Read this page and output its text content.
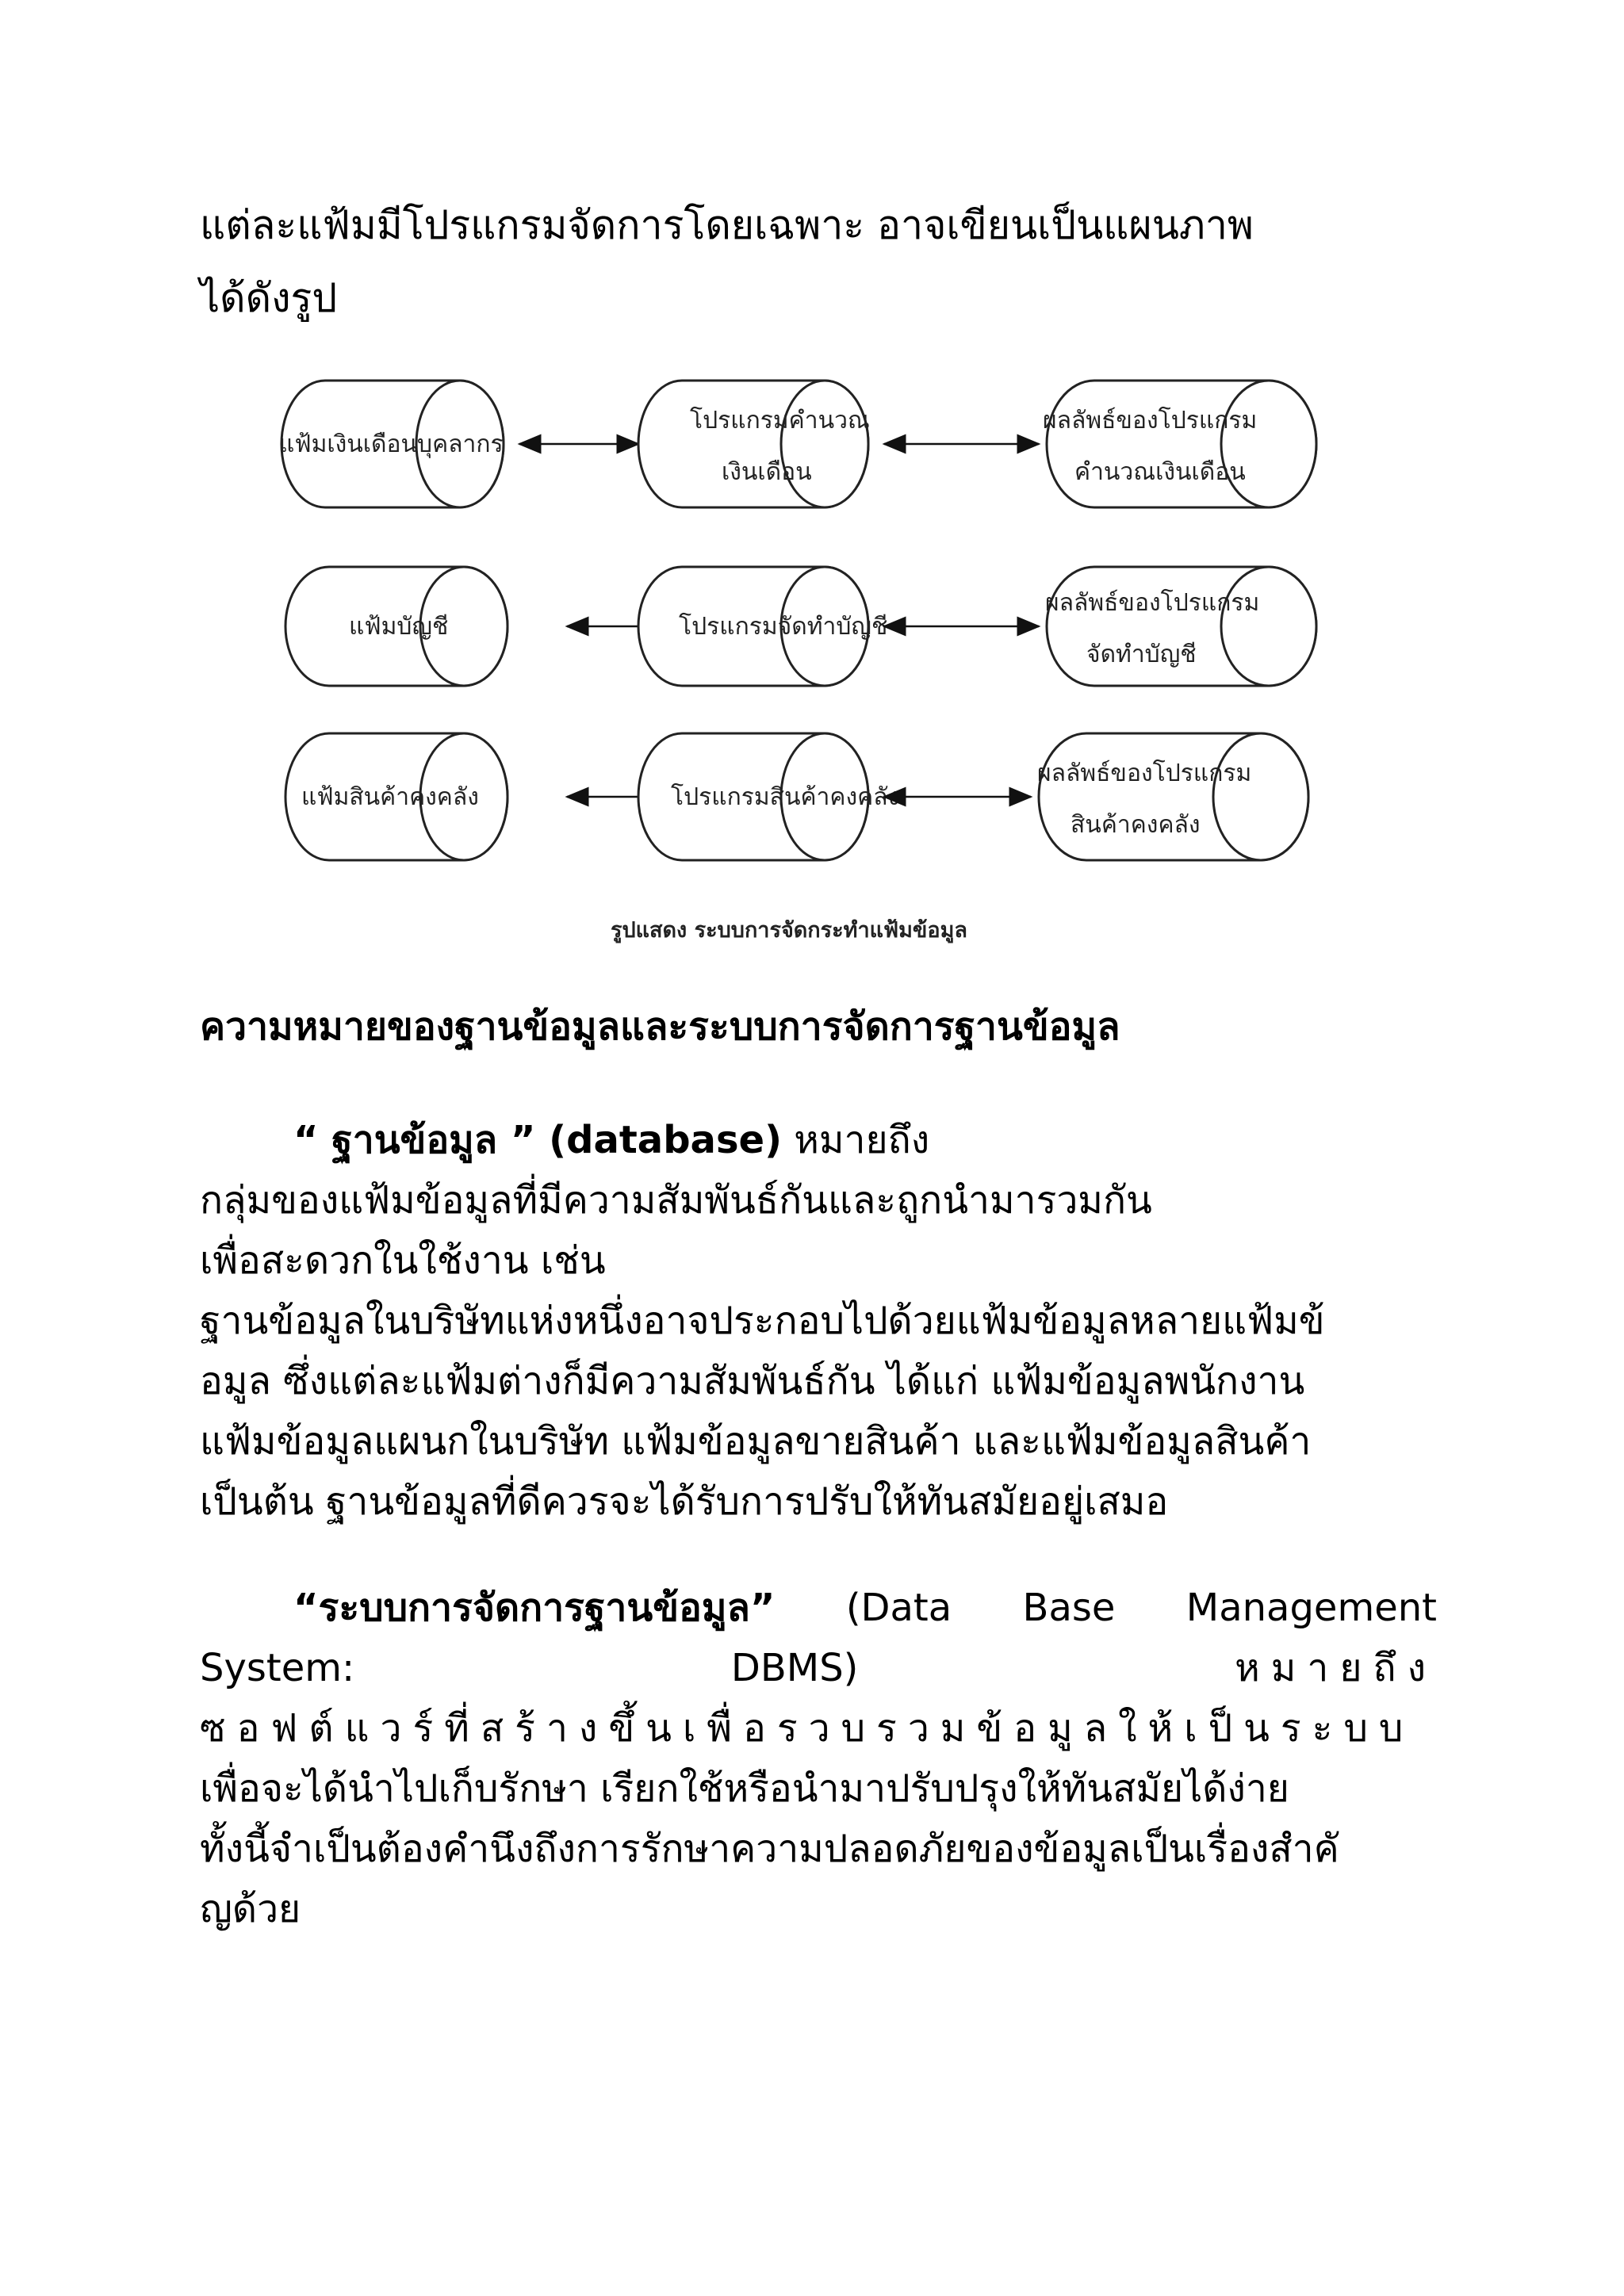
แต่ละแฟ้มมีโปรแกรมจัดการโดยเฉพาะ อาจเขียนเป็นแผนภาพ

ได้ดังรูป

แฟ้มเงินเดือนบุคลากร
โปรแกรมคำนวณ
เงินเดือน
ผลลัพธ์ของโปรแกรม
คำนวณเงินเดือน
แฟ้มบัญชี	โปรแกรมจัดทำบัญชี
ผลลัพธ์ของโปรแกรม
จัดทำบัญชี
แฟ้มสินค้าคงคลัง	โปรแกรมสินค้าคงคลัง
ผลลัพธ์ของโปรแกรม
สินค้าคงคลัง
รูปแสดง ระบบการจัดกระทำแฟ้มข้อมูล
ความหมายของฐานข้อมูลและระบบการจัดการฐานข้อมูล
“ ฐานข้อมูล ” (database) หมายถึง
กลุ่มของแฟ้มข้อมูลที่มีความสัมพันธ์กันและถูกนำมารวมกัน
เพื่อสะดวกในใช้งาน เช่น
ฐานข้อมูลในบริษัทแห่งหนึ่งอาจประกอบไปด้วยแฟ้มข้อมูลหลายแฟ้มข้
อมูล ซึ่งแต่ละแฟ้มต่างก็มีความสัมพันธ์กัน ได้แก่ แฟ้มข้อมูลพนักงาน
แฟ้มข้อมูลแผนกในบริษัท แฟ้มข้อมูลขายสินค้า และแฟ้มข้อมูลสินค้า
เป็นต้น ฐานข้อมูลที่ดีควรจะได้รับการปรับให้ทันสมัยอยู่เสมอ
“ระบบการจัดการฐานข้อมูล” (Data Base Management
System:	DBMS)	หมายถึง
ซอฟต์แวร์ที่สร้างขึ้นเพื่อรวบรวมข้อมูลให้เป็นระบบ
เพื่อจะได้นำไปเก็บรักษา เรียกใช้หรือนำมาปรับปรุงให้ทันสมัยได้ง่าย
ทั้งนี้จำเป็นต้องคำนึงถึงการรักษาความปลอดภัยของข้อมูลเป็นเรื่องสำคั
ญด้วย
